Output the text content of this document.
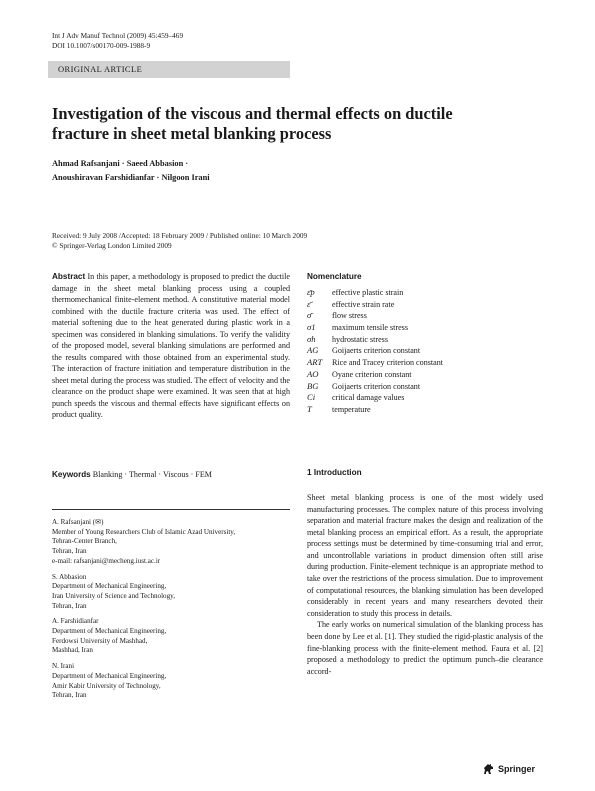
Int J Adv Manuf Technol (2009) 45:459–469
DOI 10.1007/s00170-009-1988-9
ORIGINAL ARTICLE
Investigation of the viscous and thermal effects on ductile
fracture in sheet metal blanking process
Ahmad Rafsanjani · Saeed Abbasion ·
Anoushiravan Farshidianfar · Nilgoon Irani
Received: 9 July 2008 /Accepted: 18 February 2009 / Published online: 10 March 2009
© Springer-Verlag London Limited 2009
Abstract In this paper, a methodology is proposed to predict the ductile damage in the sheet metal blanking process using a coupled thermomechanical finite-element method. A constitutive material model combined with the ductile fracture criteria was used. The effect of material softening due to the heat generated during plastic work in a specimen was considered in blanking simulations. To verify the validity of the proposed model, several blanking simulations are performed and the results compared with those obtained from an experimental study. The interaction of fracture initiation and temperature distribution in the sheet metal during the process was studied. The effect of velocity and the clearance on the product shape were examined. It was seen that at high punch speeds the viscous and thermal effects have significant effects on product quality.
Keywords Blanking · Thermal · Viscous · FEM
A. Rafsanjani (✉)
Member of Young Researchers Club of Islamic Azad University,
Tehran-Center Branch,
Tehran, Iran
e-mail: rafsanjani@mecheng.iust.ac.ir
S. Abbasion
Department of Mechanical Engineering,
Iran University of Science and Technology,
Tehran, Iran
A. Farshidianfar
Department of Mechanical Engineering,
Ferdowsi University of Mashhad,
Mashhad, Iran
N. Irani
Department of Mechanical Engineering,
Amir Kabir University of Technology,
Tehran, Iran
Nomenclature
ε̄p	effective plastic strain
ε̇̄	effective strain rate
σ̄	flow stress
σ1	maximum tensile stress
σh	hydrostatic stress
AG	Goijaerts criterion constant
ART	Rice and Tracey criterion constant
AO	Oyane criterion constant
BG	Goijaerts criterion constant
Ci	critical damage values
T	temperature
1 Introduction

Sheet metal blanking process is one of the most widely used manufacturing processes. The complex nature of this process involving separation and material fracture makes the design and realization of the metal blanking process an empirical effort. As a result, the appropriate process settings must be determined by time-consuming trial and error, and uncontrollable variations in product dimension often still arise during production. Finite-element technique is an appropriate method to take over the restrictions of the process simulation. Due to improvement of computational resources, the blanking simulation has been developed considerably in recent years and many researchers devoted their consideration to study this process in details.

The early works on numerical simulation of the blanking process has been done by Lee et al. [1]. They studied the rigid-plastic analysis of the fine-blanking process with the finite-element method. Faura et al. [2] proposed a methodology to predict the optimum punch–die clearance accord-

Springer
